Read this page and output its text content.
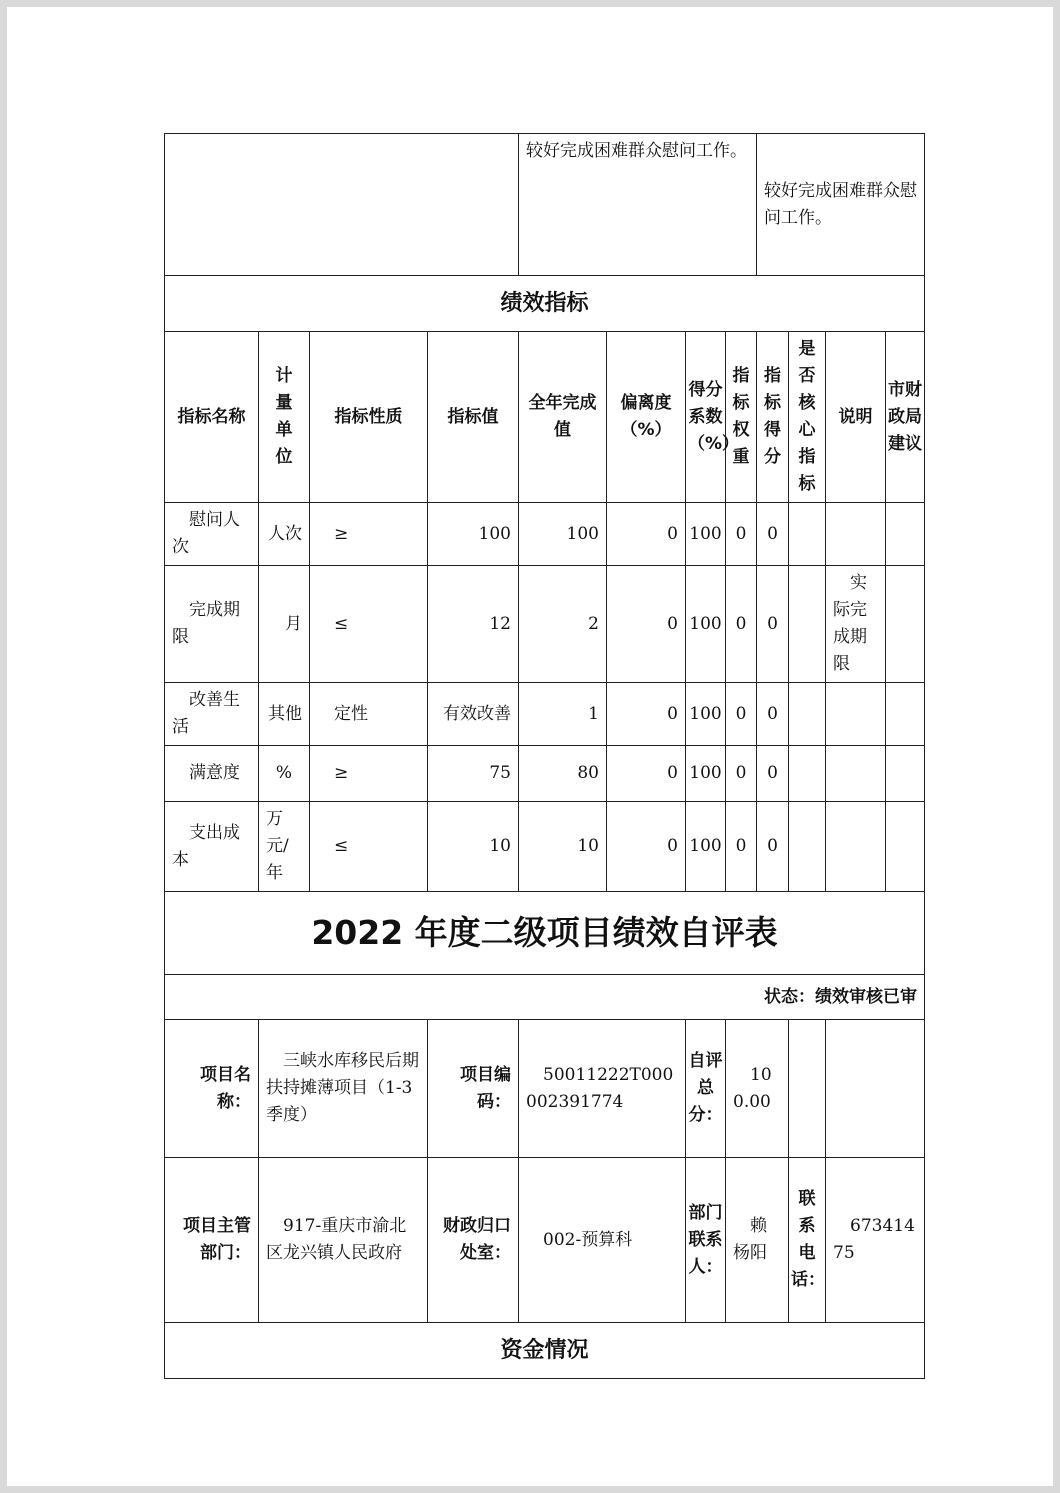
				较好完成困难群众慰问工作。				较好完成困难群众慰问工作。			
绩效指标											
指标名称	计量单位	指标性质	指标值	全年完成值	偏离度（%）	得分系数（%）	指标权重	指标得分	是否核心指标	说明	市财政局建议
慰问人次	人次	≥	100	100	0	100	0	0			
完成期限	月	≤	12	2	0	100	0	0		实际完成期限	
改善生活	其他	定性	有效改善	1	0	100	0	0			
满意度	%	≥	75	80	0	100	0	0			
支出成本	万元/年	≤	10	10	0	100	0	0			
2022 年度二级项目绩效自评表											
状态：绩效审核已审											
项目名称：	三峡水库移民后期扶持摊薄项目（1-3 季度）		项目编码：	50011222T000002391774		自评总分：	100.00				
项目主管部门：	917-重庆市渝北区龙兴镇人民政府		财政归口处室：	002-预算科		部门联系人：	赖杨阳		联系电话：	67341475	
资金情况											
